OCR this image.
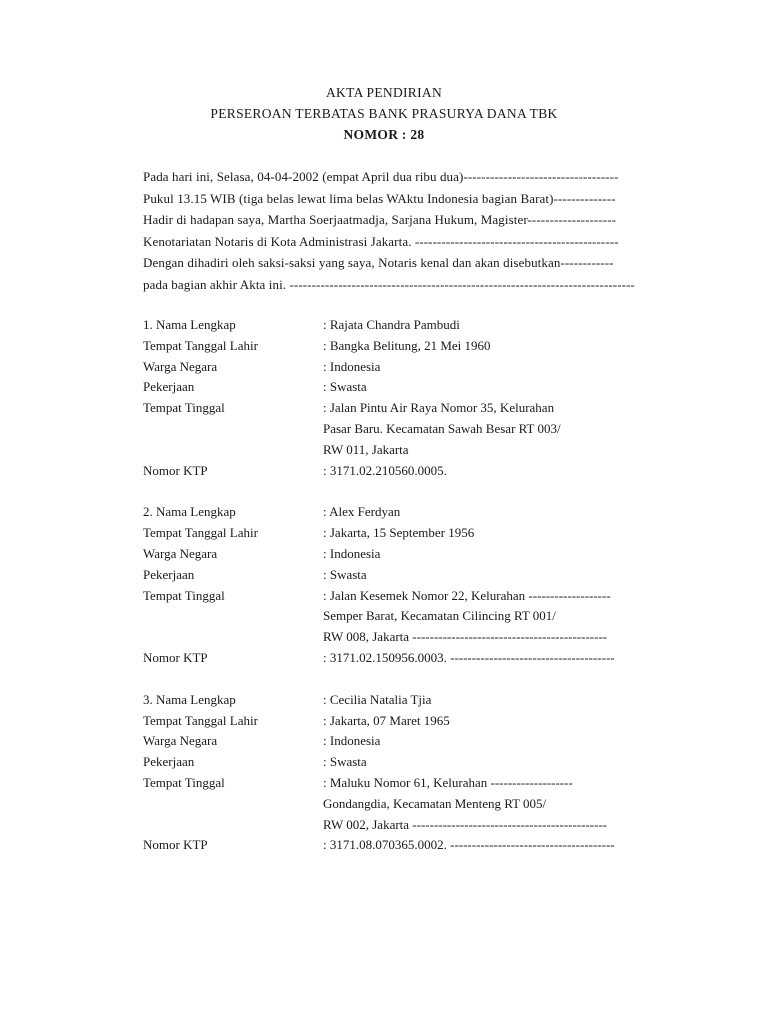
AKTA PENDIRIAN
PERSEROAN TERBATAS BANK PRASURYA DANA TBK
NOMOR : 28
Pada hari ini, Selasa, 04-04-2002 (empat April dua ribu dua)-----------------------------------
Pukul 13.15 WIB (tiga belas lewat lima belas WAktu Indonesia bagian Barat)--------------
Hadir di hadapan saya, Martha Soerjaatmadja, Sarjana Hukum, Magister--------------------
Kenotariatan Notaris di Kota Administrasi Jakarta. ----------------------------------------------
Dengan dihadiri oleh saksi-saksi yang saya, Notaris kenal dan akan disebutkan------------
pada bagian akhir Akta ini. ------------------------------------------------------------------------------
1. Nama Lengkap	: Rajata Chandra Pambudi
Tempat Tanggal Lahir	: Bangka Belitung, 21 Mei 1960
Warga Negara	: Indonesia
Pekerjaan	: Swasta
Tempat Tinggal	: Jalan Pintu Air Raya Nomor 35, Kelurahan
Pasar Baru. Kecamatan Sawah Besar RT 003/
RW 011, Jakarta
Nomor KTP	: 3171.02.210560.0005.
2. Nama Lengkap	: Alex Ferdyan
Tempat Tanggal Lahir	: Jakarta, 15 September 1956
Warga Negara	: Indonesia
Pekerjaan	: Swasta
Tempat Tinggal	: Jalan Kesemek Nomor 22, Kelurahan -------------------
Semper Barat, Kecamatan Cilincing RT 001/
RW 008, Jakarta ---------------------------------------------
Nomor KTP	: 3171.02.150956.0003. --------------------------------------
3. Nama Lengkap	: Cecilia Natalia Tjia
Tempat Tanggal Lahir	: Jakarta, 07 Maret 1965
Warga Negara	: Indonesia
Pekerjaan	: Swasta
Tempat Tinggal	: Maluku Nomor 61, Kelurahan -------------------
Gondangdia, Kecamatan Menteng RT 005/
RW 002, Jakarta ---------------------------------------------
Nomor KTP	: 3171.08.070365.0002. --------------------------------------
